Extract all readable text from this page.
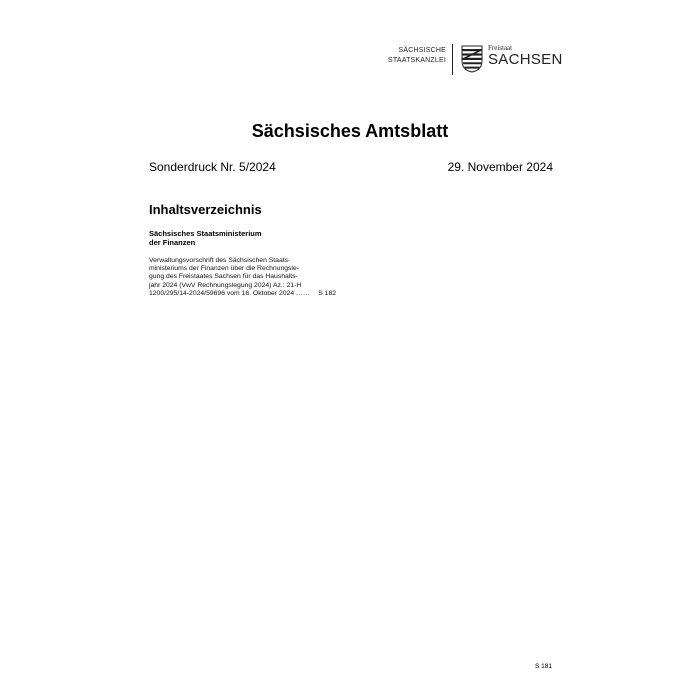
SÄCHSISCHE
STAATSKANZLEI
Freistaat
SACHSEN
Sächsisches Amtsblatt
Sonderdruck Nr. 5/2024	29. November 2024
Inhaltsverzeichnis
Sächsisches Staatsministerium
der Finanzen
Verwaltungsvorschrift des Sächsischen Staats-
ministeriums der Finanzen über die Rechnungsle-
gung des Freistaates Sachsen für das Haushalts-
jahr 2024 (VwV Rechnungslegung 2024) Az.: 21-H
1200/295/14-2024/59696 vom 16. Oktober 2024 ...... S 182
S 181
